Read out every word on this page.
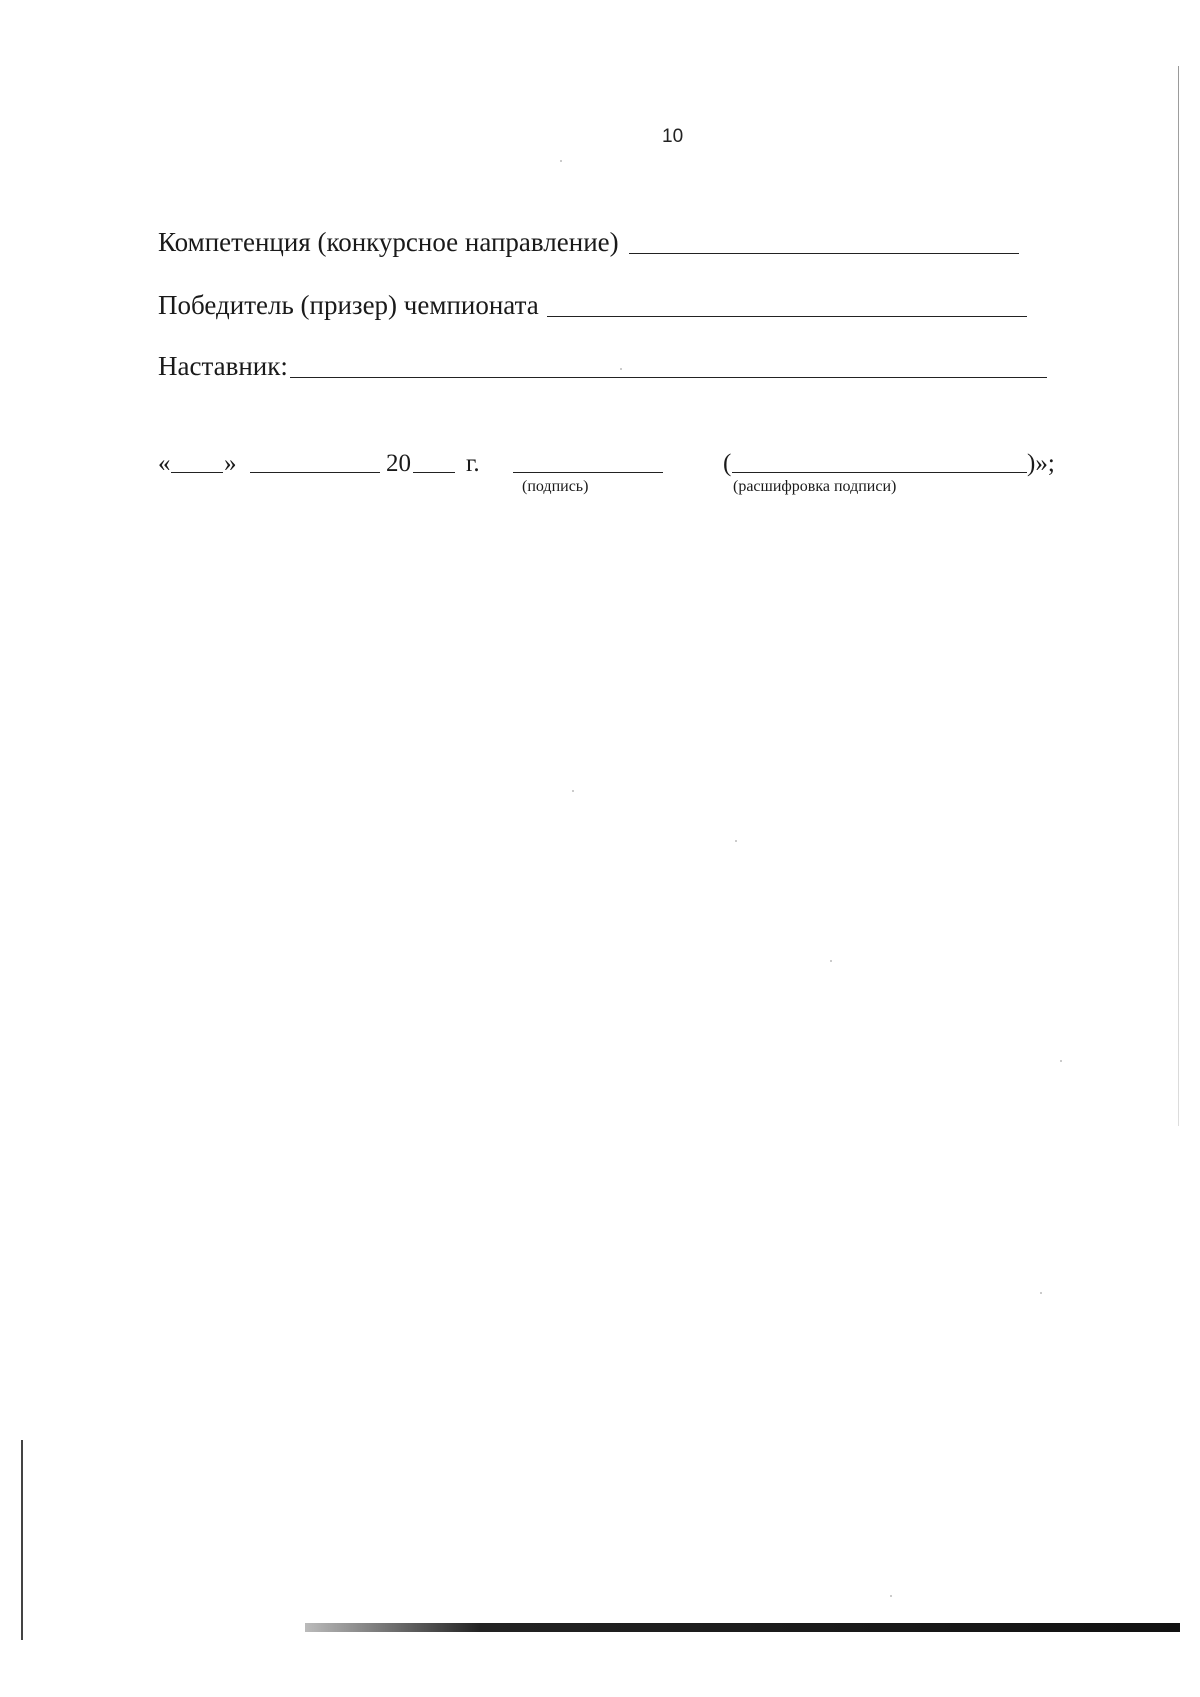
10
Компетенция (конкурсное направление)
Победитель (призер) чемпионата
Наставник:
« »	20 г.	(	)»;
(подпись)	(расшифровка подписи)
